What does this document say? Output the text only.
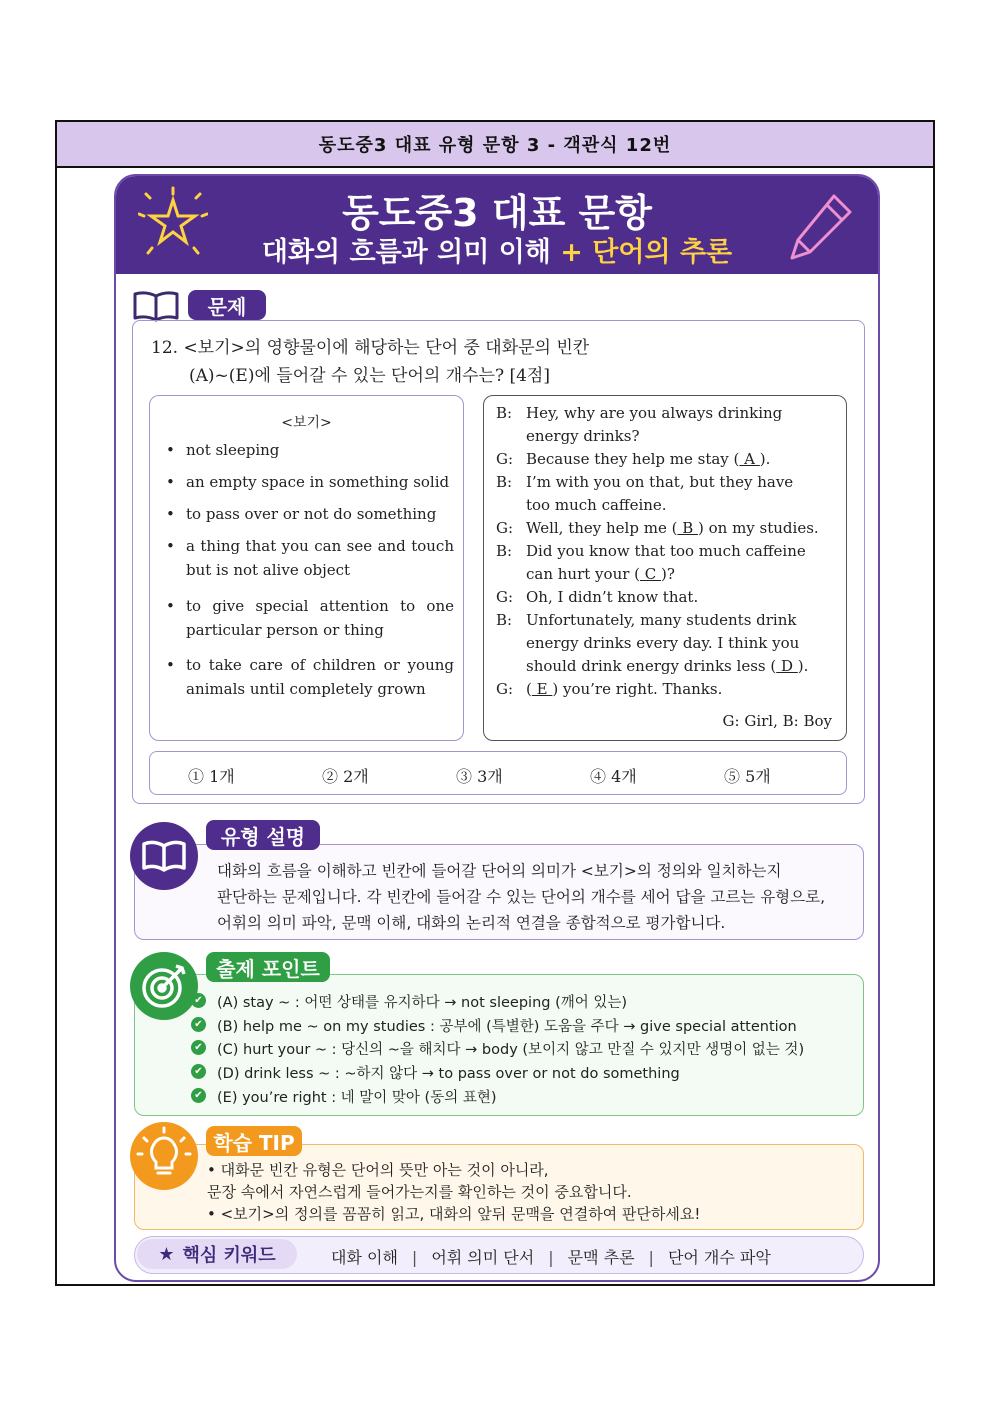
동도중3 대표 유형 문항 3 - 객관식 12번
동도중3 대표 문항
대화의 흐름과 의미 이해 + 단어의 추론
문제
12. <보기>의 영향물이에 해당하는 단어 중 대화문의 빈칸
(A)~(E)에 들어갈 수 있는 단어의 개수는? [4점]
<보기>
• not sleeping
• an empty space in something solid
• to pass over or not do something
• a thing that you can see and touch but is not alive object
• to give special attention to one particular person or thing
• to take care of children or young animals until completely grown
B: Hey, why are you always drinking
energy drinks?
G: Because they help me stay ( A ).
B: I’m with you on that, but they have
too much caffeine.
G: Well, they help me ( B ) on my studies.
B: Did you know that too much caffeine
can hurt your ( C )?
G: Oh, I didn’t know that.
B: Unfortunately, many students drink
energy drinks every day. I think you
should drink energy drinks less ( D ).
G: ( E ) you’re right. Thanks.
G: Girl, B: Boy
① 1개	② 2개	③ 3개	④ 4개	⑤ 5개
대화의 흐름을 이해하고 빈칸에 들어갈 단어의 의미가 <보기>의 정의와 일치하는지
판단하는 문제입니다. 각 빈칸에 들어갈 수 있는 단어의 개수를 세어 답을 고르는 유형으로,
어휘의 의미 파악, 문맥 이해, 대화의 논리적 연결을 종합적으로 평가합니다.
유형 설명
✔ (A) stay ~ : 어떤 상태를 유지하다 → not sleeping (깨어 있는)
✔ (B) help me ~ on my studies : 공부에 (특별한) 도움을 주다 → give special attention
✔ (C) hurt your ~ : 당신의 ~을 해치다 → body (보이지 않고 만질 수 있지만 생명이 없는 것)
✔ (D) drink less ~ : ~하지 않다 → to pass over or not do something
✔ (E) you’re right : 네 말이 맞아 (동의 표현)
출제 포인트
• 대화문 빈칸 유형은 단어의 뜻만 아는 것이 아니라,
문장 속에서 자연스럽게 들어가는지를 확인하는 것이 중요합니다.
• <보기>의 정의를 꼼꼼히 읽고, 대화의 앞뒤 문맥을 연결하여 판단하세요!
학습 TIP
★ 핵심 키워드	대화 이해 | 어휘 의미 단서 | 문맥 추론 | 단어 개수 파악
